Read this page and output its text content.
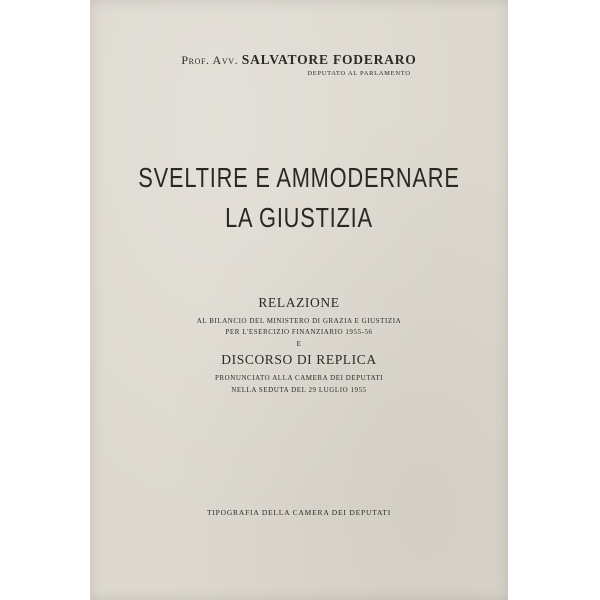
Prof. Avv. SALVATORE FODERARO
DEPUTATO AL PARLAMENTO
SVELTIRE E AMMODERNARE
LA GIUSTIZIA
RELAZIONE
AL BILANCIO DEL MINISTERO DI GRAZIA E GIUSTIZIA
PER L'ESERCIZIO FINANZIARIO 1955-56
E
DISCORSO DI REPLICA
PRONUNCIATO ALLA CAMERA DEI DEPUTATI
NELLA SEDUTA DEL 29 LUGLIO 1955
TIPOGRAFIA DELLA CAMERA DEI DEPUTATI
